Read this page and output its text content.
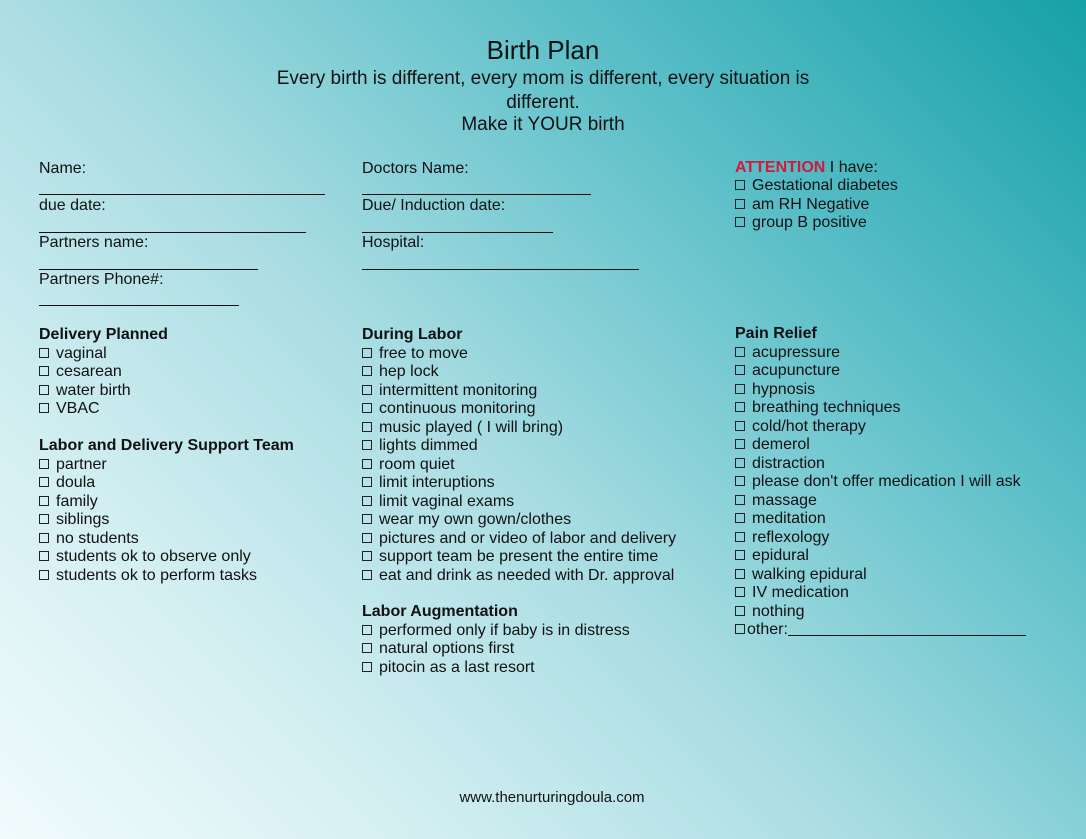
Birth Plan
Every birth is different, every mom is different, every situation is
different.
Make it YOUR birth
Name:
due date:
Partners name:
Partners Phone#:
Doctors Name:
Due/ Induction date:
Hospital:
ATTENTION I have:
Gestational diabetes
am RH Negative
group B positive
Delivery Planned
vaginal
cesarean
water birth
VBAC
Labor and Delivery Support Team
partner
doula
family
siblings
no students
students ok to observe only
students ok to perform tasks
During Labor
free to move
hep lock
intermittent monitoring
continuous monitoring
music played ( I will bring)
lights dimmed
room quiet
limit interuptions
limit vaginal exams
wear my own gown/clothes
pictures and or video of labor and delivery
support team be present the entire time
eat and drink as needed with Dr. approval
Labor Augmentation
performed only if baby is in distress
natural options first
pitocin as a last resort
Pain Relief
acupressure
acupuncture
hypnosis
breathing techniques
cold/hot therapy
demerol
distraction
please don't offer medication I will ask
massage
meditation
reflexology
epidural
walking epidural
IV medication
nothing
other:
www.thenurturingdoula.com
